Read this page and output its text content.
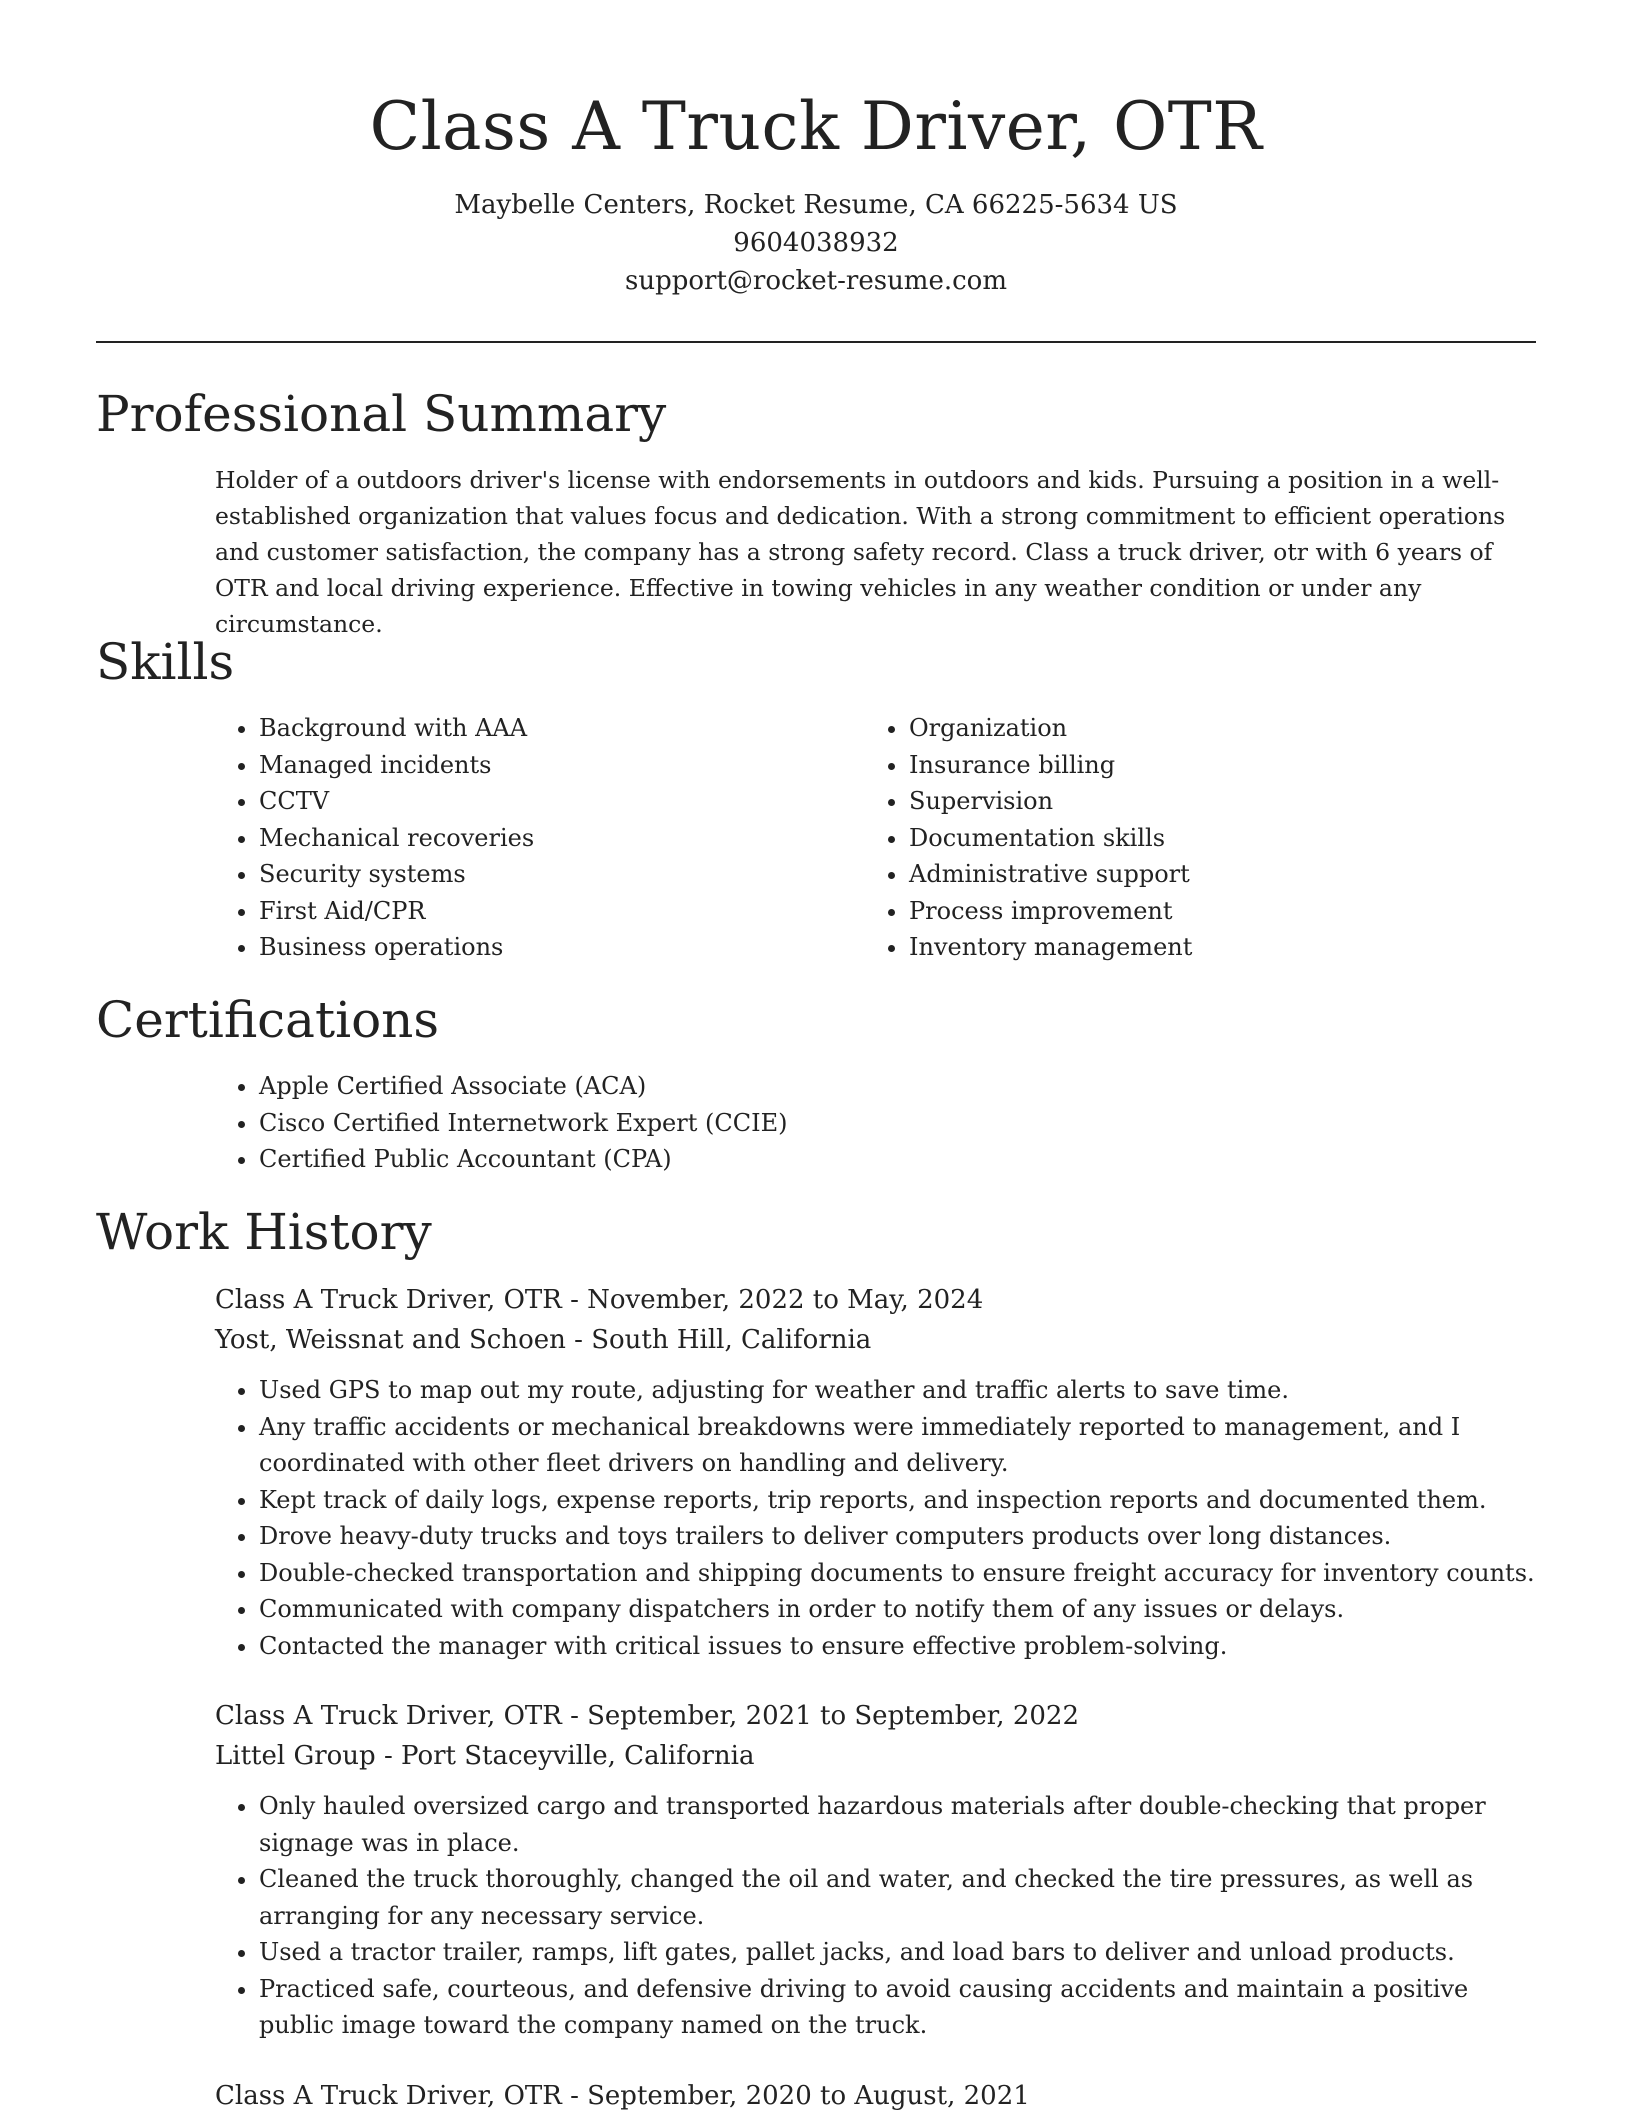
Class A Truck Driver, OTR
Maybelle Centers, Rocket Resume, CA 66225-5634 US
9604038932
support@rocket-resume.com
Professional Summary

Holder of a outdoors driver's license with endorsements in outdoors and kids. Pursuing a position in a well-established organization that values focus and dedication. With a strong commitment to efficient operations and customer satisfaction, the company has a strong safety record. Class a truck driver, otr with 6 years of OTR and local driving experience. Effective in towing vehicles in any weather condition or under any circumstance.

Skills
• Background with AAA
• Managed incidents
• CCTV
• Mechanical recoveries
• Security systems
• First Aid/CPR
• Business operations
• Organization
• Insurance billing
• Supervision
• Documentation skills
• Administrative support
• Process improvement
• Inventory management
Certifications
• Apple Certified Associate (ACA)
• Cisco Certified Internetwork Expert (CCIE)
• Certified Public Accountant (CPA)
Work History
Class A Truck Driver, OTR - November, 2022 to May, 2024
Yost, Weissnat and Schoen - South Hill, California
• Used GPS to map out my route, adjusting for weather and traffic alerts to save time.
• Any traffic accidents or mechanical breakdowns were immediately reported to management, and I coordinated with other fleet drivers on handling and delivery.
• Kept track of daily logs, expense reports, trip reports, and inspection reports and documented them.
• Drove heavy-duty trucks and toys trailers to deliver computers products over long distances.
• Double-checked transportation and shipping documents to ensure freight accuracy for inventory counts.
• Communicated with company dispatchers in order to notify them of any issues or delays.
• Contacted the manager with critical issues to ensure effective problem-solving.
Class A Truck Driver, OTR - September, 2021 to September, 2022
Littel Group - Port Staceyville, California
• Only hauled oversized cargo and transported hazardous materials after double-checking that proper signage was in place.
• Cleaned the truck thoroughly, changed the oil and water, and checked the tire pressures, as well as arranging for any necessary service.
• Used a tractor trailer, ramps, lift gates, pallet jacks, and load bars to deliver and unload products.
• Practiced safe, courteous, and defensive driving to avoid causing accidents and maintain a positive public image toward the company named on the truck.
Class A Truck Driver, OTR - September, 2020 to August, 2021
